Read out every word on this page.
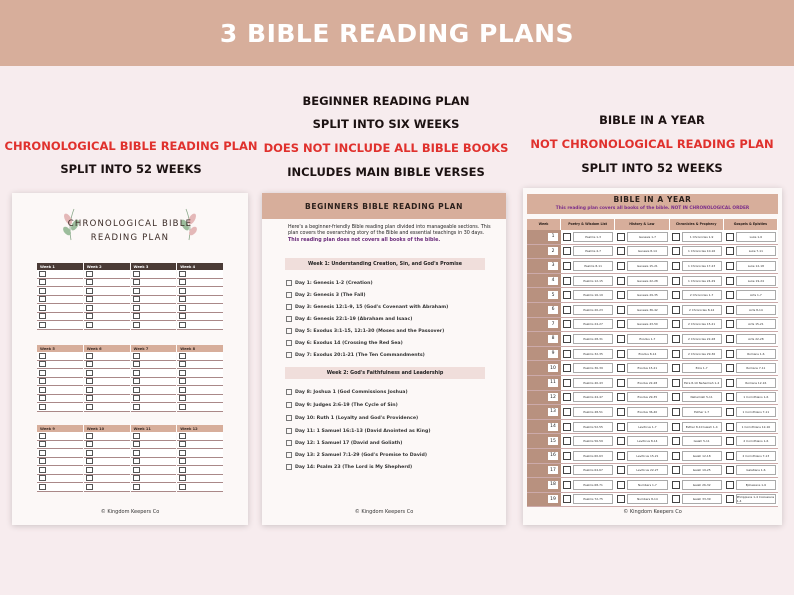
3 BIBLE READING PLANS
CHRONOLOGICAL BIBLE READING PLAN
SPLIT INTO 52 WEEKS
BEGINNER READING PLAN
SPLIT INTO SIX WEEKS
DOES NOT INCLUDE ALL BIBLE BOOKS
INCLUDES MAIN BIBLE VERSES
BIBLE IN A YEAR
NOT CHRONOLOGICAL READING PLAN
SPLIT INTO 52 WEEKS
CHRONOLOGICAL BIBLE
READING PLAN
Week 1	Week 2	Week 3	Week 4
Week 5	Week 6	Week 7	Week 8
Week 9	Week 10	Week 11	Week 12
© Kingdom Keepers Co
BEGINNERS BIBLE READING PLAN
Here's a beginner-friendly Bible reading plan divided into manageable sections. This plan covers the overarching story of the Bible and essential teachings in 30 days. This reading plan does not covers all books of the bible.
Week 1: Understanding Creation, Sin, and God's Promise
Day 1: Genesis 1-2 (Creation)
Day 2: Genesis 3 (The Fall)
Day 3: Genesis 12:1-9, 15 (God's Covenant with Abraham)
Day 4: Genesis 22:1-19 (Abraham and Isaac)
Day 5: Exodus 3:1-15, 12:1-30 (Moses and the Passover)
Day 6: Exodus 14 (Crossing the Red Sea)
Day 7: Exodus 20:1-21 (The Ten Commandments)
Week 2: God's Faithfulness and Leadership
Day 8: Joshua 1 (God Commissions Joshua)
Day 9: Judges 2:6-19 (The Cycle of Sin)
Day 10: Ruth 1 (Loyalty and God's Providence)
Day 11: 1 Samuel 16:1-13 (David Anointed as King)
Day 12: 1 Samuel 17 (David and Goliath)
Day 13: 2 Samuel 7:1-29 (God's Promise to David)
Day 14: Psalm 23 (The Lord is My Shepherd)
© Kingdom Keepers Co
BIBLE IN A YEAR
This reading plan covers all books of the bible. NOT IN CHRONOLOGICAL ORDER
Week	Poetry & Wisdom List	History & Law	Chronicles & Prophecy	Gospels & Epistles
1	Psalms 1-3	Genesis 1-7	1 Chronicles 1-9	Luke 1-6
2	Psalms 4-7	Genesis 8-14	1 Chronicles 10-16	Luke 7-11
3	Psalms 8-11	Genesis 15-21	1 Chronicles 17-23	Luke 12-18
4	Psalms 12-15	Genesis 22-28	1 Chronicles 24-29	Luke 19-24
5	Psalms 16-19	Genesis 29-35	2 Chronicles 1-7	Acts 1-7
6	Psalms 20-23	Genesis 36-42	2 Chronicles 8-14	Acts 8-14
7	Psalms 24-27	Genesis 43-50	2 Chronicles 15-21	Acts 15-21
8	Psalms 28-31	Exodus 1-7	2 Chronicles 22-28	Acts 22-28
9	Psalms 32-35	Exodus 8-14	2 Chronicles 29-36	Romans 1-6
10	Psalms 36-39	Exodus 15-21	Ezra 1-7	Romans 7-11
11	Psalms 40-43	Exodus 22-28	Ezra 8-10 Nehemiah 1-4	Romans 12-16
12	Psalms 44-47	Exodus 29-35	Nehemiah 5-11	1 Corinthians 1-6
13	Psalms 48-51	Exodus 36-40	Esther 1-7	1 Corinthians 7-11
14	Psalms 52-55	Leviticus 1-7	Esther 8-10 Isaiah 1-4	1 Corinthians 12-16
15	Psalms 56-59	Leviticus 8-14	Isaiah 5-11	2 Corinthians 1-6
16	Psalms 60-63	Leviticus 15-21	Isaiah 12-18	2 Corinthians 7-13
17	Psalms 64-67	Leviticus 22-27	Isaiah 19-25	Galatians 1-6
18	Psalms 68-71	Numbers 1-7	Isaiah 26-32	Ephesians 1-6
19	Psalms 72-75	Numbers 8-14	Isaiah 33-39	Philippians 1-4 Colossians 1-4
© Kingdom Keepers Co
